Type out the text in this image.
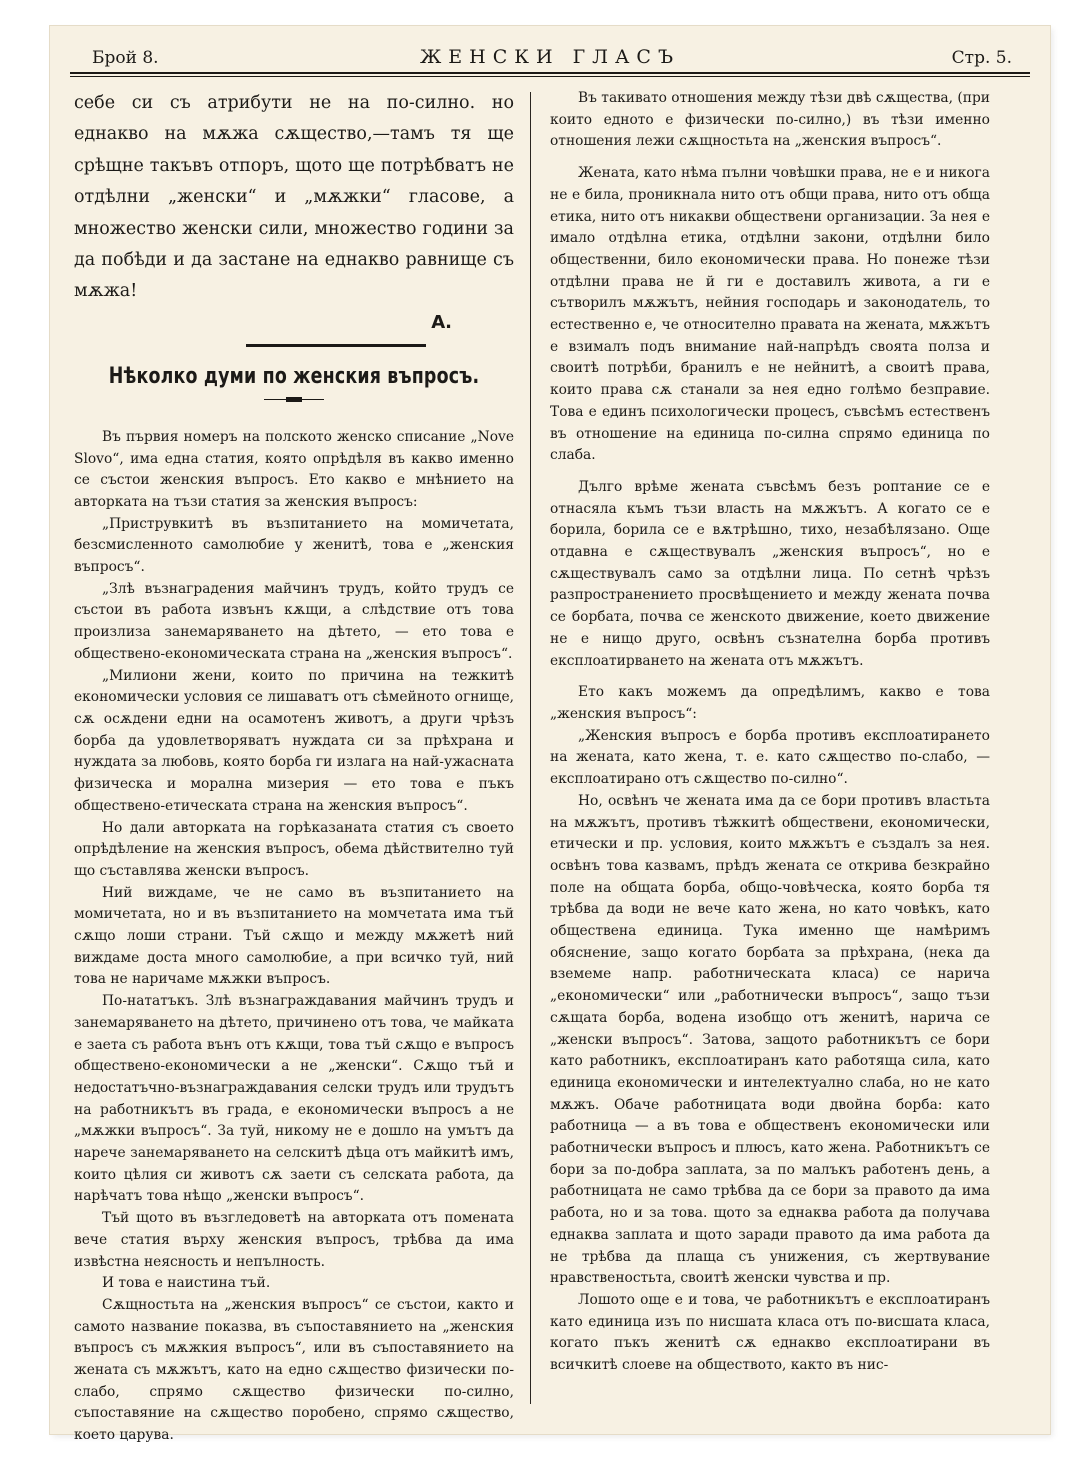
Брой 8.	ЖЕНСКИ ГЛАСЪ	Стр. 5.

себе си съ атрибути не на по-силно. но еднакво на мѫжа сѫщество,—тамъ тя ще срѣщне такъвъ отпоръ, щото ще потрѣбватъ не отдѣлни „женски“ и „мѫжки“ гласове, а множество женски сили, множество години за да побѣди и да застане на еднакво равнище съ мѫжа!

А.
Нѣколко думи по женския въпросъ.

Въ първия номеръ на полското женско списание „Nove Slovo“, има една статия, която опрѣдѣля въ какво именно се състои женския въпросъ. Ето какво е мнѣнието на авторката на тъзи статия за женския въпросъ:

„Приструвкитѣ въ възпитанието на момичетата, безсмисленното самолюбие у женитѣ, това е „женския въпросъ“.

„Злѣ възнаградения майчинъ трудъ, който трудъ се състои въ работа извънъ кѫщи, а слѣдствие отъ това произлиза занемаряването на дѣтето, — ето това е обществено-економическата страна на „женския въпросъ“.

„Милиони жени, които по причина на тежкитѣ економически условия се лишаватъ отъ сѣмейното огнище, сѫ осѫдени едни на осамотенъ животъ, а други чрѣзъ борба да удовлетворяватъ нуждата си за прѣхрана и нуждата за любовь, която борба ги излага на най-ужасната физическа и морална мизерия — ето това е пъкъ обществено-етическата страна на женския въпросъ“.

Но дали авторката на горѣказаната статия съ своето опрѣдѣление на женския въпросъ, обема дѣйствително туй що съставлява женски въпросъ.

Ний виждаме, че не само въ възпитанието на момичетата, но и въ възпитанието на момчетата има тъй сѫщо лоши страни. Тъй сѫщо и между мѫжетѣ ний виждаме доста много самолюбие, а при всичко туй, ний това не наричаме мѫжки въпросъ.

По-нататъкъ. Злѣ възнаграждавания майчинъ трудъ и занемаряването на дѣтето, причинено отъ това, че майката е заета съ работа вънъ отъ кѫщи, това тъй сѫщо е въпросъ обществено-економически а не „женски“. Сѫщо тъй и недостатъчно-възнаграждавания селски трудъ или трудътъ на работникътъ въ града, е економически въпросъ а не „мѫжки въпросъ“. За туй, никому не е дошло на умътъ да нарече занемаряването на селскитѣ дѣца отъ майкитѣ имъ, които цѣлия си животъ сѫ заети съ селската работа, да нарѣчатъ това нѣщо „женски въпросъ“.

Тъй щото въ възгледоветѣ на авторката отъ помената вече статия върху женския въпросъ, трѣбва да има извѣстна неясность и непълность.

И това е наистина тъй.

Сѫщностьта на „женския въпросъ“ се състои, както и самото название показва, въ съпоставянието на „женския въпросъ съ мѫжкия въпросъ“, или въ съпоставянието на жената съ мѫжътъ, като на едно сѫщество физически по-слабо, спрямо сѫщество физически по-силно, съпоставяние на сѫщество поробено, спрямо сѫщество, което царува.

Въ такивато отношения между тѣзи двѣ сѫщества, (при които едното е физически по-силно,) въ тѣзи именно отношения лежи сѫщностьта на „женския въпросъ“.

Жената, като нѣма пълни човѣшки права, не е и никога не е била, проникнала нито отъ общи права, нито отъ обща етика, нито отъ никакви обществени организации. За нея е имало отдѣлна етика, отдѣлни закони, отдѣлни било общественни, било економически права. Но понеже тѣзи отдѣлни права не й ги е доставилъ живота, а ги е сътворилъ мѫжътъ, нейния господарь и законодатель, то естественно е, че относително правата на жената, мѫжътъ е взималъ подъ внимание най-напрѣдъ своята полза и своитѣ потрѣби, бранилъ е не нейнитѣ, а своитѣ права, които права сѫ станали за нея едно голѣмо безправие. Това е единъ психологически процесъ, съвсѣмъ естественъ въ отношение на единица по-силна спрямо единица по слаба.

Дълго врѣме жената съвсѣмъ безъ роптание се е отнасяла къмъ тъзи власть на мѫжътъ. А когато се е борила, борила се е вѫтрѣшно, тихо, незабѣлязано. Още отдавна е сѫществувалъ „женския въпросъ“, но е сѫществувалъ само за отдѣлни лица. По сетнѣ чрѣзъ разпространението просвѣщението и между жената почва се борбата, почва се женското движение, което движение не е нищо друго, освѣнъ съзнателна борба противъ експлоатирването на жената отъ мѫжътъ.

Ето какъ можемъ да опредѣлимъ, какво е това „женския въпросъ“:

„Женския въпросъ е борба противъ експлоатирането на жената, като жена, т. е. като сѫщество по-слабо, — експлоатирано отъ сѫщество по-силно“.

Но, освѣнъ че жената има да се бори противъ властьта на мѫжътъ, противъ тѣжкитѣ обществени, економически, етически и пр. условия, които мѫжътъ е създалъ за нея. освѣнъ това казвамъ, прѣдъ жената се открива безкрайно поле на общата борба, общо-човѣческа, която борба тя трѣбва да води не вече като жена, но като човѣкъ, като обществена единица. Тука именно ще намѣримъ обяснение, защо когато борбата за прѣхрана, (нека да вземеме напр. работническата класа) се нарича „економически“ или „работнически въпросъ“, защо тъзи сѫщата борба, водена изобщо отъ женитѣ, нарича се „женски въпросъ“. Затова, защото работникътъ се бори като работникъ, експлоатиранъ като работяща сила, като единица економически и интелектуално слаба, но не като мѫжъ. Обаче работницата води двойна борба: като работница — а въ това е общественъ економически или работнически въпросъ и плюсъ, като жена. Работникътъ се бори за по-добра заплата, за по малъкъ работенъ день, а работницата не само трѣбва да се бори за правото да има работа, но и за това. щото за еднаква работа да получава еднаква заплата и щото заради правото да има работа да не трѣбва да плаща съ унижения, съ жертвувание нравственостьта, своитѣ женски чувства и пр.

Лошото още е и това, че работникътъ е експлоатиранъ като единица изъ по нисшата класа отъ по-висшата класа, когато пъкъ женитѣ сѫ еднакво експлоатирани въ всичкитѣ слоеве на обществото, както въ нис-
